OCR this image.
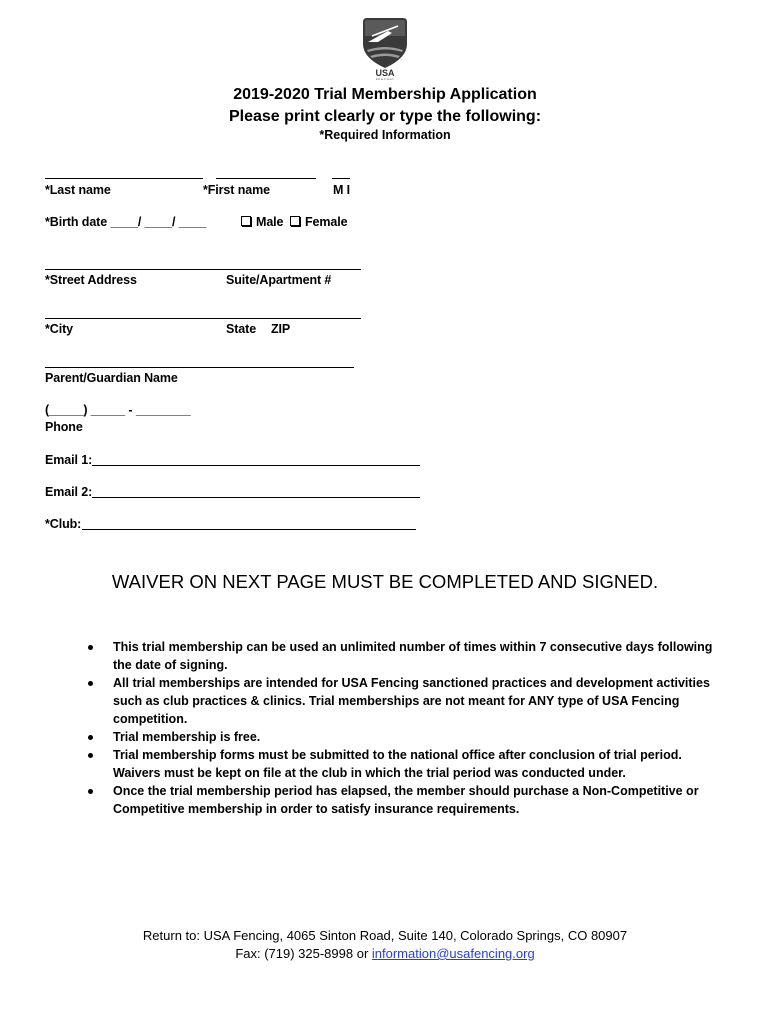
USA
FENCING
2019-2020 Trial Membership Application
Please print clearly or type the following:
*Required Information
*Last name	*First name	M I
*Birth date ____/ ____/ ____	Male	Female
*Street Address	Suite/Apartment #
*City	State ZIP
Parent/Guardian Name
(_____) _____ - ________
Phone
Email 1:
Email 2:
*Club:
WAIVER ON NEXT PAGE MUST BE COMPLETED AND SIGNED.
This trial membership can be used an unlimited number of times within 7 consecutive days following
the date of signing.
All trial memberships are intended for USA Fencing sanctioned practices and development activities
such as club practices & clinics. Trial memberships are not meant for ANY type of USA Fencing
competition.
Trial membership is free.
Trial membership forms must be submitted to the national office after conclusion of trial period.
Waivers must be kept on file at the club in which the trial period was conducted under.
Once the trial membership period has elapsed, the member should purchase a Non-Competitive or
Competitive membership in order to satisfy insurance requirements.
Return to: USA Fencing, 4065 Sinton Road, Suite 140, Colorado Springs, CO 80907
Fax: (719) 325-8998 or information@usafencing.org
